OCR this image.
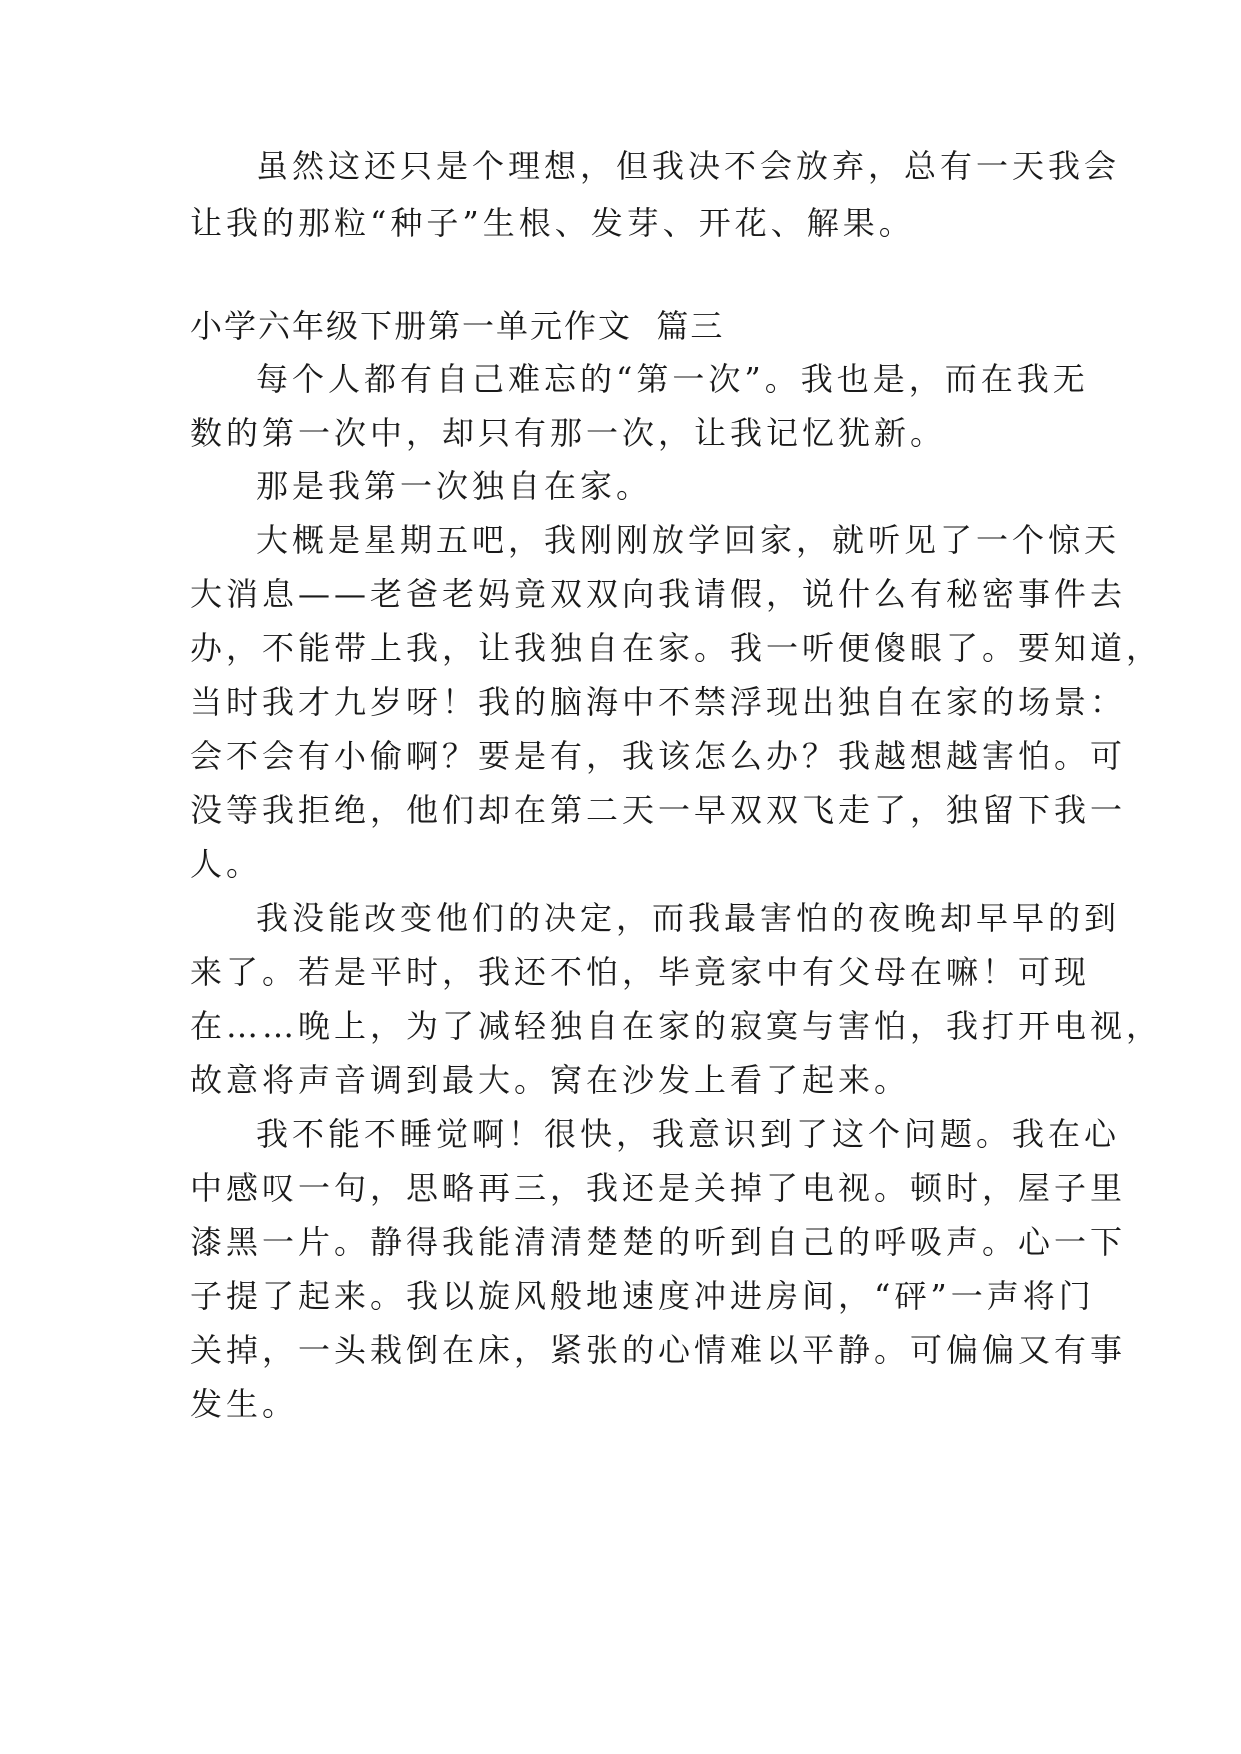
虽然这还只是个理想，但我决不会放弃，总有一天我会
让我的那粒“种子”生根、发芽、开花、解果。
小学六年级下册第一单元作文  篇三
每个人都有自己难忘的“第一次”。我也是，而在我无
数的第一次中，却只有那一次，让我记忆犹新。
那是我第一次独自在家。
大概是星期五吧，我刚刚放学回家，就听见了一个惊天
大消息——老爸老妈竟双双向我请假，说什么有秘密事件去
办，不能带上我，让我独自在家。我一听便傻眼了。要知道，
当时我才九岁呀！我的脑海中不禁浮现出独自在家的场景：
会不会有小偷啊？要是有，我该怎么办？我越想越害怕。可
没等我拒绝，他们却在第二天一早双双飞走了，独留下我一
人。
我没能改变他们的决定，而我最害怕的夜晚却早早的到
来了。若是平时，我还不怕，毕竟家中有父母在嘛！可现
在……晚上，为了减轻独自在家的寂寞与害怕，我打开电视，
故意将声音调到最大。窝在沙发上看了起来。
我不能不睡觉啊！很快，我意识到了这个问题。我在心
中感叹一句，思略再三，我还是关掉了电视。顿时，屋子里
漆黑一片。静得我能清清楚楚的听到自己的呼吸声。心一下
子提了起来。我以旋风般地速度冲进房间，“砰”一声将门
关掉，一头栽倒在床，紧张的心情难以平静。可偏偏又有事
发生。
